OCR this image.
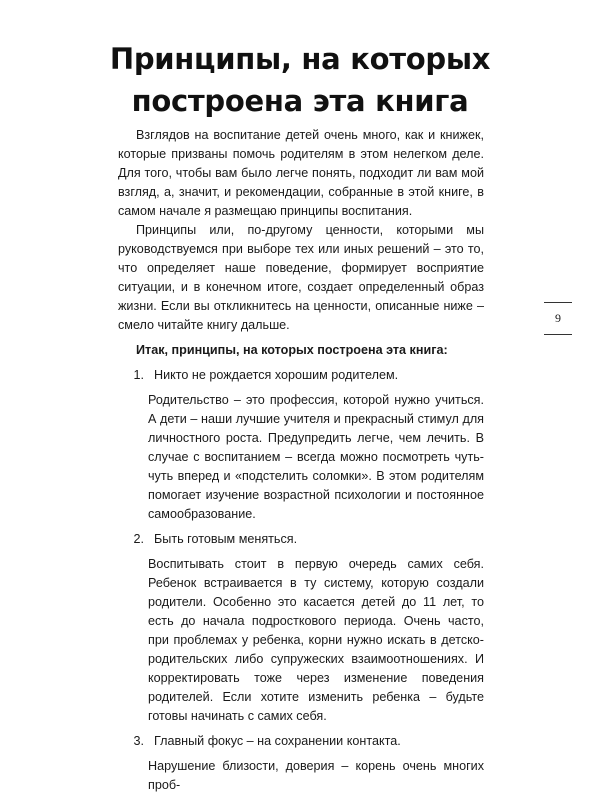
Принципы, на которых
построена эта книга

Взглядов на воспитание детей очень много, как и книжек, которые призваны помочь родителям в этом нелегком деле. Для того, чтобы вам было легче понять, подходит ли вам мой взгляд, а, значит, и рекомендации, собранные в этой книге, в самом начале я размещаю принципы воспитания.

Принципы или, по-другому ценности, которыми мы руководствуемся при выборе тех или иных решений – это то, что определяет наше поведение, формирует восприятие ситуации, и в конечном итоге, создает определенный образ жизни. Если вы откликнитесь на ценности, описанные ниже – смело читайте книгу дальше.

Итак, принципы, на которых построена эта книга:

1 .	Никто не рождается хорошим родителем.
Родительство – это профессия, которой нужно учиться. А дети – наши лучшие учителя и прекрасный стимул для личностного роста. Предупредить легче, чем лечить. В случае с воспитанием – всегда можно посмотреть чуть-чуть вперед и «подстелить соломки». В этом родителям помогает изучение возрастной психологии и постоянное самообразование.
2 .	Быть готовым меняться.
Воспитывать стоит в первую очередь самих себя. Ребенок встраивается в ту систему, которую создали родители. Особенно это касается детей до 11 лет, то есть до начала подросткового периода. Очень часто, при проблемах у ребенка, корни нужно искать в детско-родительских либо супружеских взаимоотношениях. И корректировать тоже через изменение поведения родителей. Если хотите изменить ребенка – будьте готовы начинать с самих себя.
3 .	Главный фокус – на сохранении контакта.
Нарушение близости, доверия – корень очень многих проб-
9
